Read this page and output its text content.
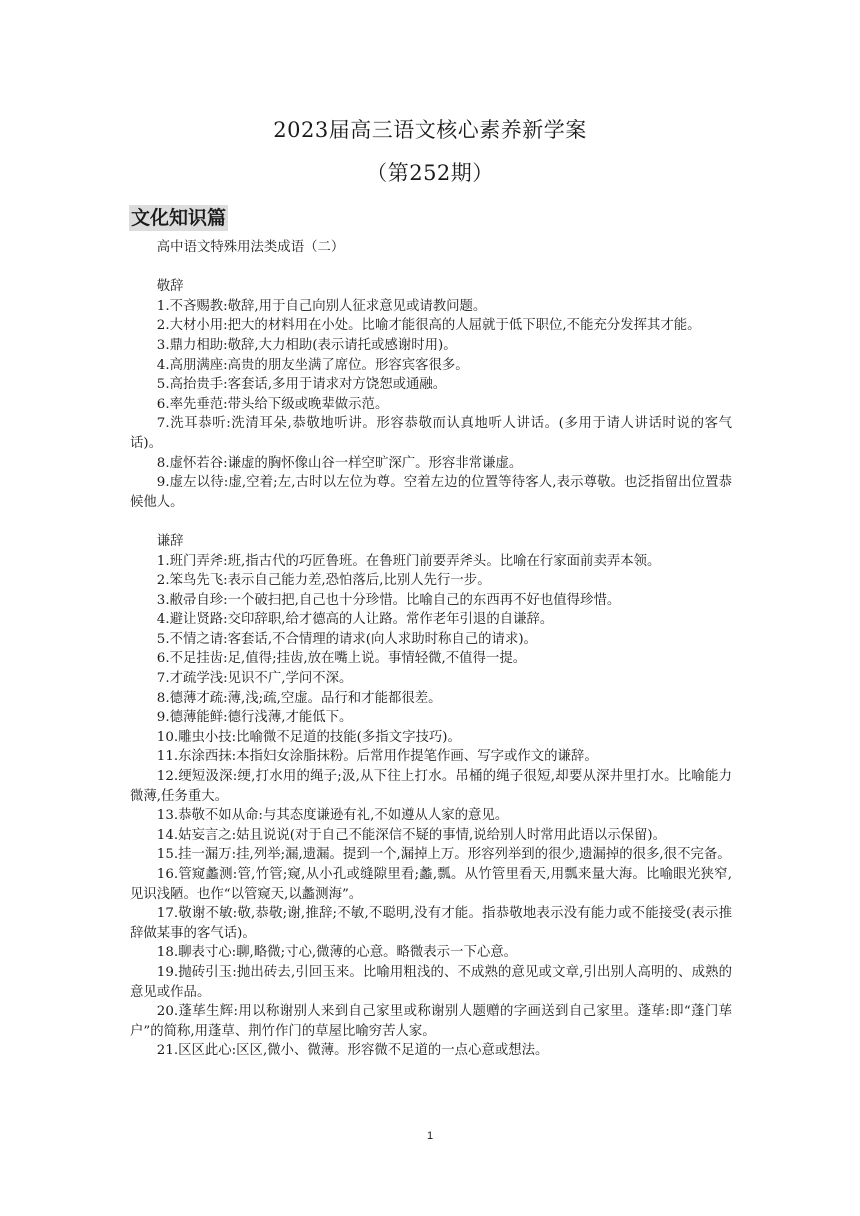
2023届高三语文核心素养新学案
（第252期）
文化知识篇

高中语文特殊用法类成语（二）

敬辞

1.不吝赐教:敬辞,用于自己向别人征求意见或请教问题。

2.大材小用:把大的材料用在小处。比喻才能很高的人屈就于低下职位,不能充分发挥其才能。

3.鼎力相助:敬辞,大力相助(表示请托或感谢时用)。

4.高朋满座:高贵的朋友坐满了席位。形容宾客很多。

5.高抬贵手:客套话,多用于请求对方饶恕或通融。

6.率先垂范:带头给下级或晚辈做示范。

7.洗耳恭听:洗清耳朵,恭敬地听讲。形容恭敬而认真地听人讲话。(多用于请人讲话时说的客气话)。

8.虚怀若谷:谦虚的胸怀像山谷一样空旷深广。形容非常谦虚。

9.虚左以待:虚,空着;左,古时以左位为尊。空着左边的位置等待客人,表示尊敬。也泛指留出位置恭候他人。

谦辞

1.班门弄斧:班,指古代的巧匠鲁班。在鲁班门前要弄斧头。比喻在行家面前卖弄本领。

2.笨鸟先飞:表示自己能力差,恐怕落后,比别人先行一步。

3.敝帚自珍:一个破扫把,自己也十分珍惜。比喻自己的东西再不好也值得珍惜。

4.避让贤路:交印辞职,给才德高的人让路。常作老年引退的自谦辞。

5.不情之请:客套话,不合情理的请求(向人求助时称自己的请求)。

6.不足挂齿:足,值得;挂齿,放在嘴上说。事情轻微,不值得一提。

7.才疏学浅:见识不广,学问不深。

8.德薄才疏:薄,浅;疏,空虚。品行和才能都很差。

9.德薄能鲜:德行浅薄,才能低下。

10.雕虫小技:比喻微不足道的技能(多指文字技巧)。

11.东涂西抹:本指妇女涂脂抹粉。后常用作提笔作画、写字或作文的谦辞。

12.绠短汲深:绠,打水用的绳子;汲,从下往上打水。吊桶的绳子很短,却要从深井里打水。比喻能力微薄,任务重大。

13.恭敬不如从命:与其态度谦逊有礼,不如遵从人家的意见。

14.姑妄言之:姑且说说(对于自己不能深信不疑的事情,说给别人时常用此语以示保留)。

15.挂一漏万:挂,列举;漏,遗漏。提到一个,漏掉上万。形容列举到的很少,遗漏掉的很多,很不完备。

16.管窥蠡测:管,竹管;窥,从小孔或缝隙里看;蠡,瓢。从竹管里看天,用瓢来量大海。比喻眼光狭窄,见识浅陋。也作“以管窥天,以蠡测海”。

17.敬谢不敏:敬,恭敬;谢,推辞;不敏,不聪明,没有才能。指恭敬地表示没有能力或不能接受(表示推辞做某事的客气话)。

18.聊表寸心:聊,略微;寸心,微薄的心意。略微表示一下心意。

19.抛砖引玉:抛出砖去,引回玉来。比喻用粗浅的、不成熟的意见或文章,引出别人高明的、成熟的意见或作品。

20.蓬荜生辉:用以称谢别人来到自己家里或称谢别人题赠的字画送到自己家里。蓬荜:即“蓬门荜户”的简称,用蓬草、荆竹作门的草屋比喻穷苦人家。

21.区区此心:区区,微小、微薄。形容微不足道的一点心意或想法。

1
